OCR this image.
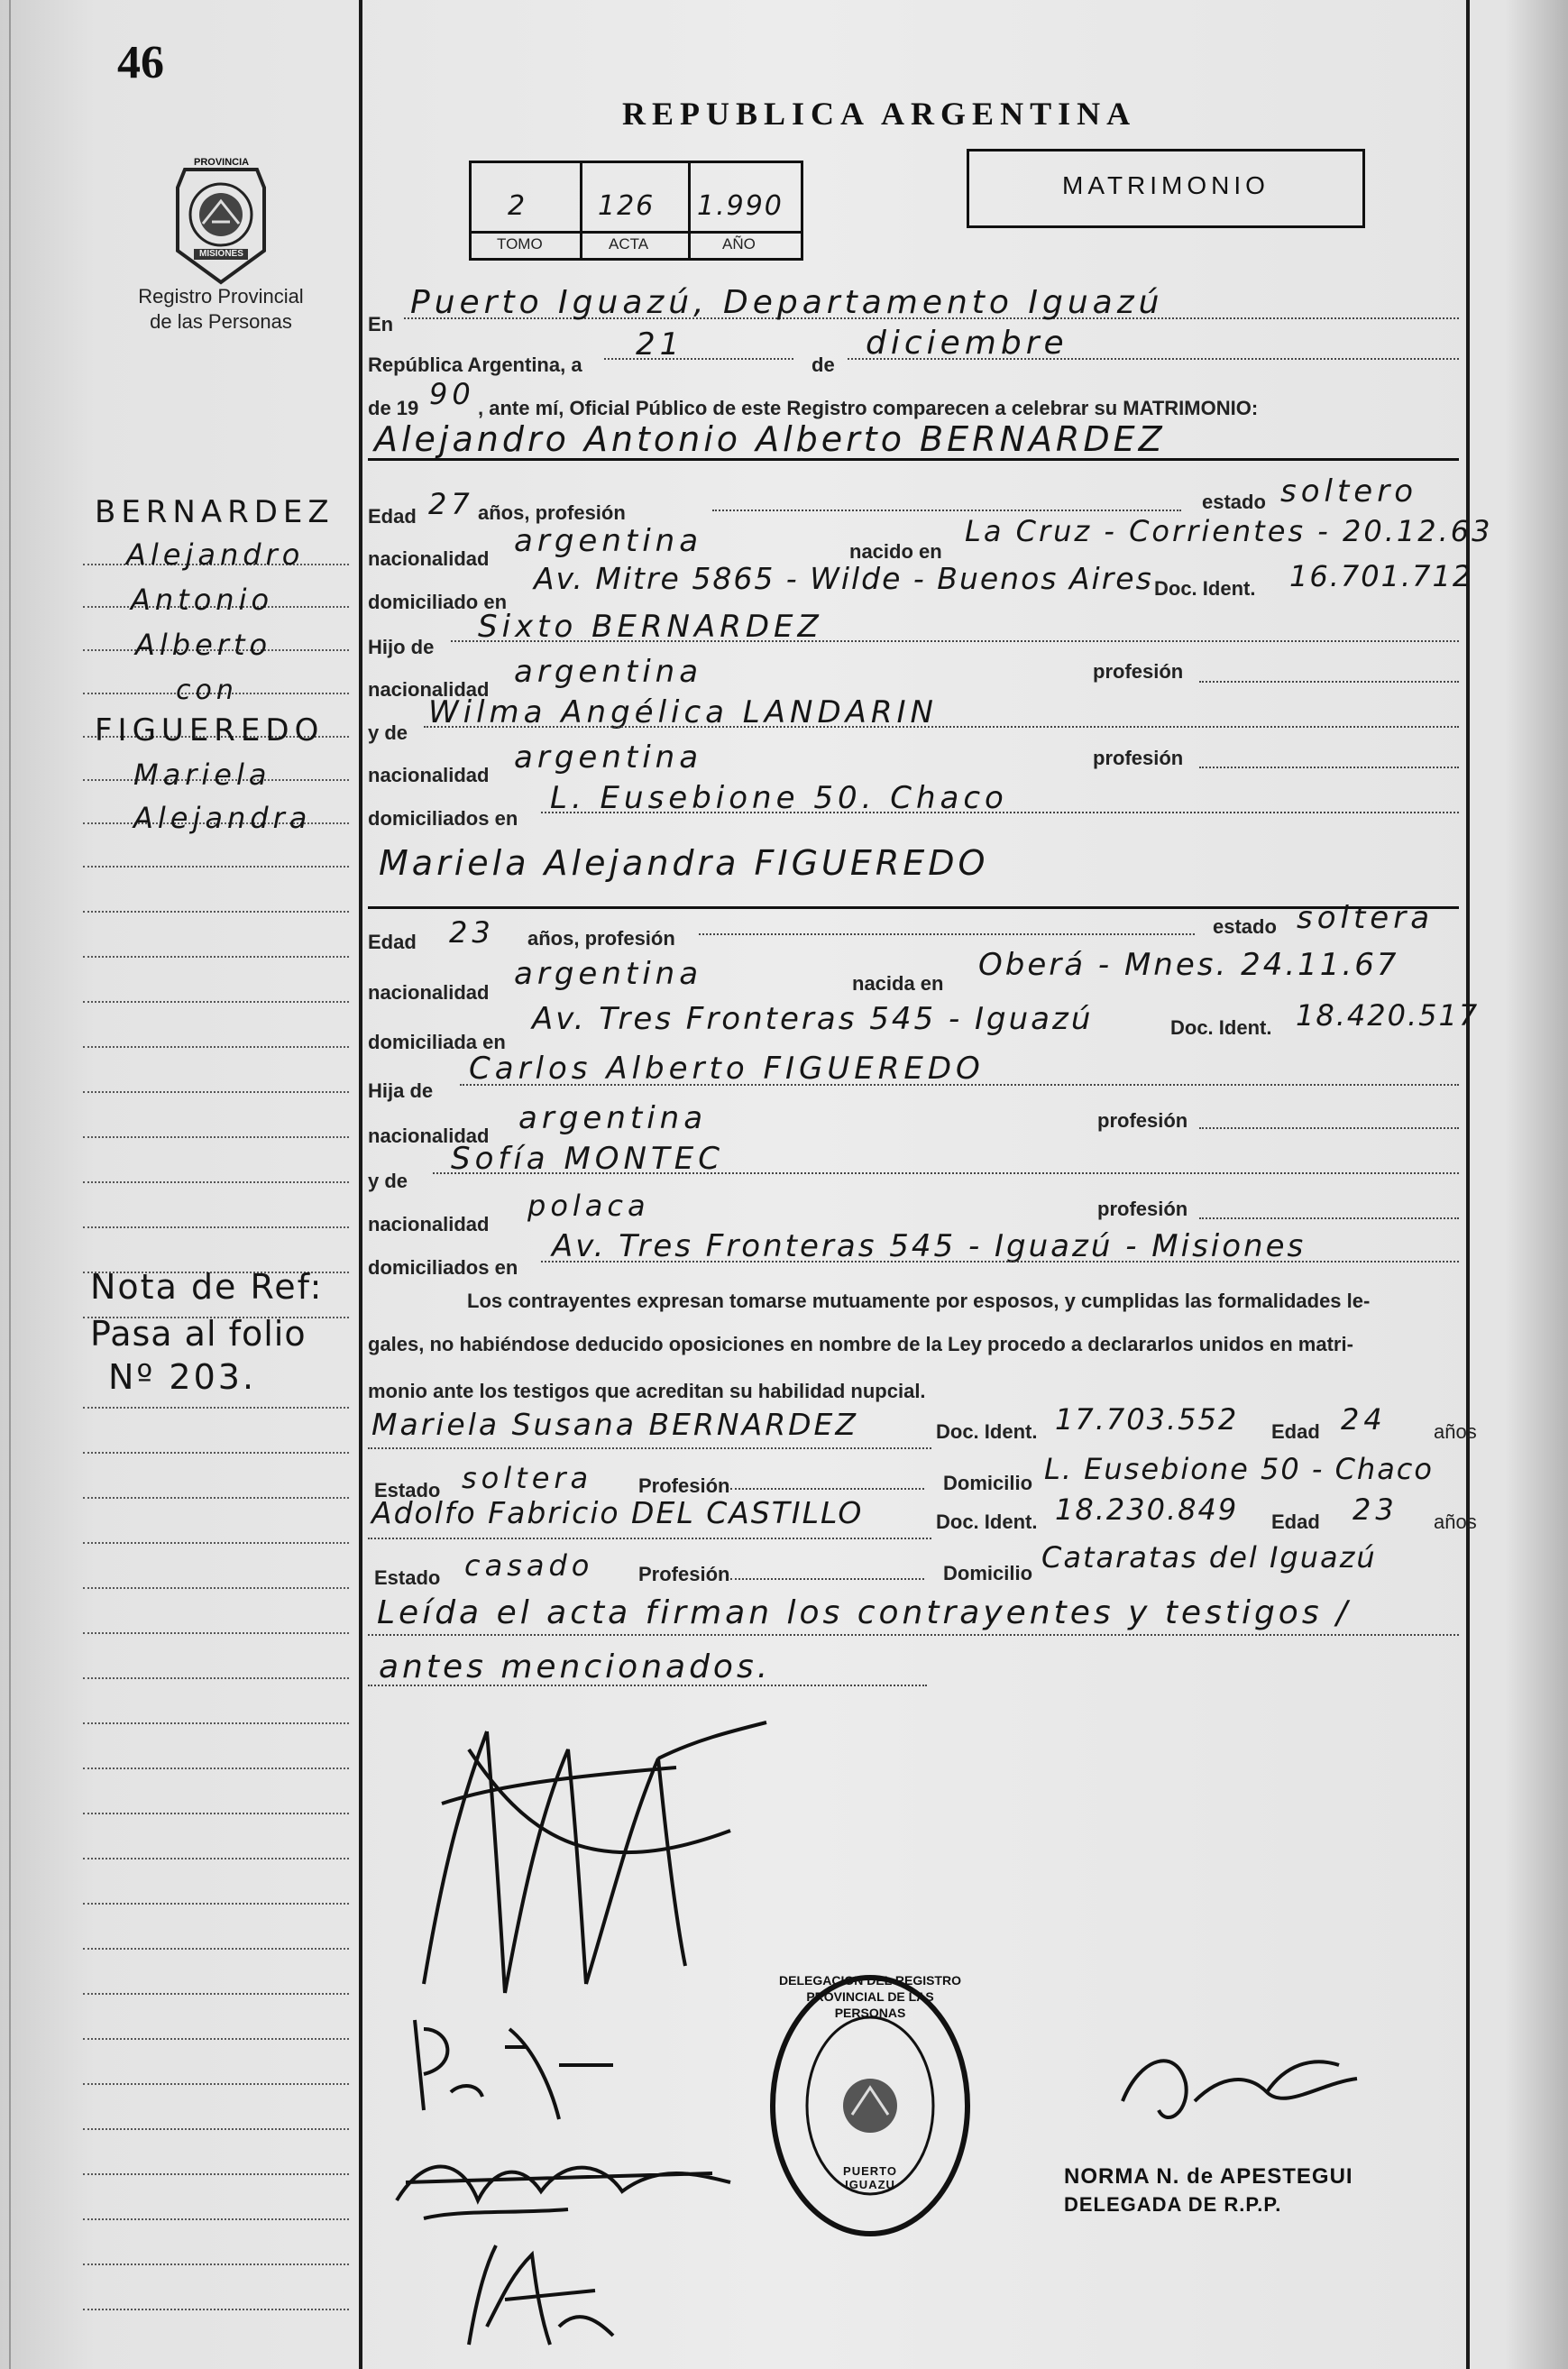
46
PROVINCIA
MISIONES
Registro Provincial
de las Personas
REPUBLICA ARGENTINA
2	126 1.990
TOMO	ACTA	AÑO
MATRIMONIO
BERNARDEZ
Alejandro
Antonio
Alberto
con
FIGUEREDO
Mariela
Alejandra
Nota de Ref:
Pasa al folio
Nº 203.
En
Puerto Iguazú, Departamento Iguazú
República Argentina, a
21
de
diciembre
de 19 90 , ante mí, Oficial Público de este Registro comparecen a celebrar su MATRIMONIO:
Alejandro Antonio Alberto BERNARDEZ
Edad 27 años, profesión	estado soltero
nacionalidad argentina	nacido en
La Cruz - Corrientes - 20.12.63
domiciliado en
Av. Mitre 5865 - Wilde - Buenos Aires Doc. Ident. 16.701.712
Hijo de
Sixto BERNARDEZ
nacionalidad argentina	profesión
y de
Wilma Angélica LANDARIN
nacionalidad argentina	profesión
domiciliados en
L. Eusebione 50. Chaco
Mariela Alejandra FIGUEREDO
Edad 23 años, profesión
estado soltera
nacionalidad
argentina	nacida en
Oberá - Mnes. 24.11.67
domiciliada en
Av. Tres Fronteras 545 - Iguazú	Doc. Ident. 18.420.517
Hija de
Carlos Alberto FIGUEREDO
nacionalidad argentina	profesión
y de
Sofía MONTEC
nacionalidad
polaca	profesión
domiciliados en
Av. Tres Fronteras 545 - Iguazú - Misiones
Los contrayentes expresan tomarse mutuamente por esposos, y cumplidas las formalidades le-
gales, no habiéndose deducido oposiciones en nombre de la Ley procedo a declararlos unidos en matri-
monio ante los testigos que acreditan su habilidad nupcial.
Mariela Susana BERNARDEZ	Doc. Ident. 17.703.552 Edad 24 años
Estado soltera Profesión	Domicilio L. Eusebione 50 - Chaco
Adolfo Fabricio DEL CASTILLO	Doc. Ident. 18.230.849 Edad 23 años
Estado casado Profesión	Domicilio Cataratas del Iguazú
Leída el acta firman los contrayentes y testigos /
antes mencionados.
DELEGACION DEL REGISTRO PROVINCIAL DE LAS PERSONAS
PUERTO IGUAZU	NORMA N. de APESTEGUI
DELEGADA DE R.P.P.
